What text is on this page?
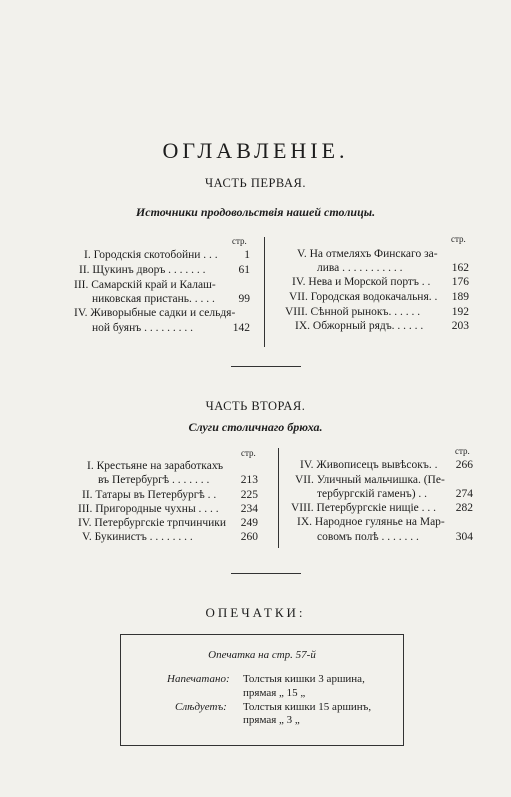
ОГЛАВЛЕНІЕ.
ЧАСТЬ ПЕРВАЯ.
Источники продовольствія нашей столицы.
стр.	стр.
I. Городскія скотобойни . . .	1
II. Щукинъ дворъ . . . . . . .	61
III. Самарскій край и Калаш-
никовская пристань. . . . .	99
IV. Живорыбные садки и сельдя-
ной буянъ . . . . . . . . .	142
V. На отмеляхъ Финскаго за-
лива . . . . . . . . . . .	162
IV. Нева и Морской портъ . .	176
VII. Городская водокачальня. .	189
VIII. Сѣнной рынокъ. . . . . .	192
IX. Обжорный рядъ. . . . . .	203
ЧАСТЬ ВТОРАЯ.
Слуги столичнаго брюха.
стр.	стр.
I. Крестьяне на заработкахъ
въ Петербургѣ . . . . . . .	213
II. Татары въ Петербургѣ . .	225
III. Пригородные чухны . . . .	234
IV. Петербургскіе трпчинчики	249
V. Букинистъ . . . . . . . .	260
IV. Живописецъ вывѣсокъ. .	266
VII. Уличный мальчишка. (Пе-
тербургскій гаменъ) . .	274
VIII. Петербургскіе нищіе . . .	282
IX. Народное гулянье на Мар-
совомъ полѣ . . . . . . .	304
ОПЕЧАТКИ:
Опечатка на стр. 57-й
Напечатано: Толстыя кишки 3 аршина,
прямая „ 15 „
Слѣдуетъ: Толстыя кишки 15 аршинъ,
прямая „ 3 „
